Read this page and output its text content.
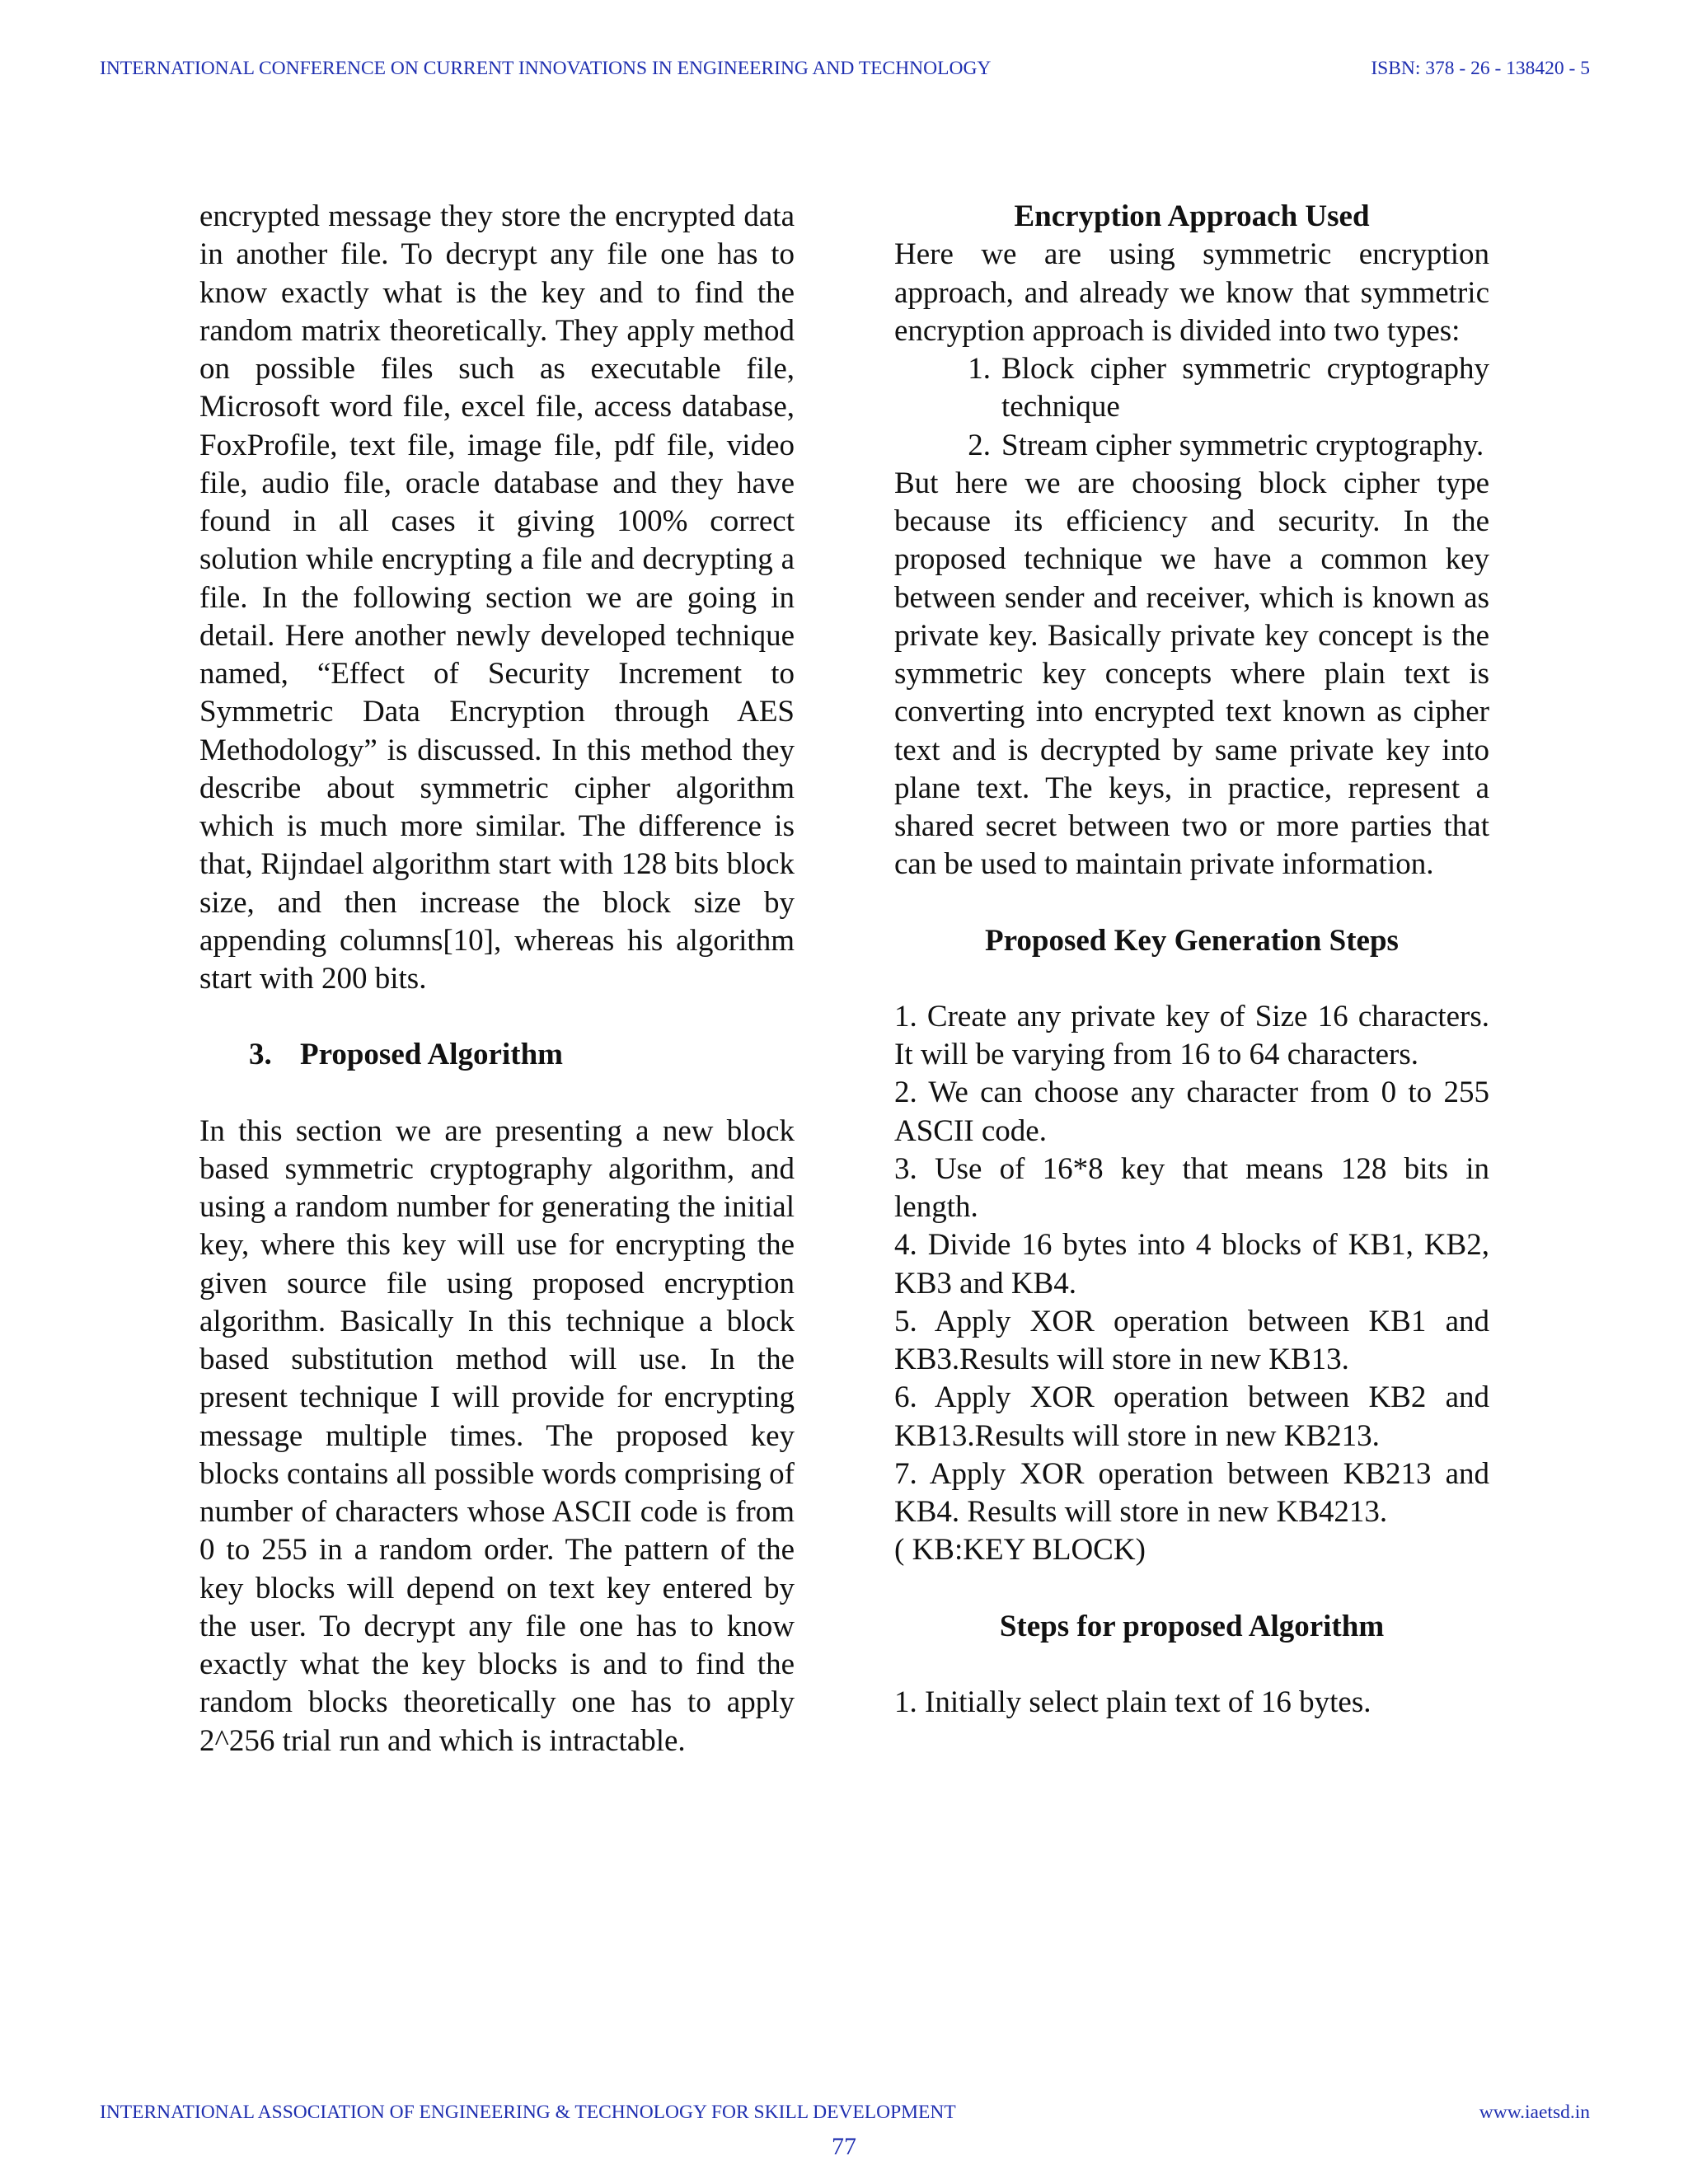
INTERNATIONAL CONFERENCE ON CURRENT INNOVATIONS IN ENGINEERING AND TECHNOLOGY	ISBN: 378 - 26 - 138420 - 5

encrypted message they store the encrypted data in another file. To decrypt any file one has to know exactly what is the key and to find the random matrix theoretically. They apply method on possible files such as executable file, Microsoft word file, excel file, access database, FoxProfile, text file, image file, pdf file, video file, audio file, oracle database and they have found in all cases it giving 100% correct solution while encrypting a file and decrypting a file. In the following section we are going in detail. Here another newly developed technique named, “Effect of Security Increment to Symmetric Data Encryption through AES Methodology” is discussed. In this method they describe about symmetric cipher algorithm which is much more similar. The difference is that, Rijndael algorithm start with 128 bits block size, and then increase the block size by appending columns[10], whereas his algorithm start with 200 bits.

3. Proposed Algorithm

In this section we are presenting a new block based symmetric cryptography algorithm, and using a random number for generating the initial key, where this key will use for encrypting the given source file using proposed encryption algorithm. Basically In this technique a block based substitution method will use. In the present technique I will provide for encrypting message multiple times. The proposed key blocks contains all possible words comprising of number of characters whose ASCII code is from 0 to 255 in a random order. The pattern of the key blocks will depend on text key entered by the user. To decrypt any file one has to know exactly what the key blocks is and to find the random blocks theoretically one has to apply 2^256 trial run and which is intractable.

Encryption Approach Used

Here we are using symmetric encryption approach, and already we know that symmetric encryption approach is divided into two types:

1. Block cipher symmetric cryptography technique
2. Stream cipher symmetric cryptography.

But here we are choosing block cipher type because its efficiency and security. In the proposed technique we have a common key between sender and receiver, which is known as private key. Basically private key concept is the symmetric key concepts where plain text is converting into encrypted text known as cipher text and is decrypted by same private key into plane text. The keys, in practice, represent a shared secret between two or more parties that can be used to maintain private information.

Proposed Key Generation Steps

1. Create any private key of Size 16 characters. It will be varying from 16 to 64 characters.

2. We can choose any character from 0 to 255 ASCII code.

3. Use of 16*8 key that means 128 bits in length.

4. Divide 16 bytes into 4 blocks of KB1, KB2, KB3 and KB4.

5. Apply XOR operation between KB1 and KB3.Results will store in new KB13.

6. Apply XOR operation between KB2 and KB13.Results will store in new KB213.

7. Apply XOR operation between KB213 and KB4. Results will store in new KB4213.

( KB:KEY BLOCK)

Steps for proposed Algorithm

1. Initially select plain text of 16 bytes.

INTERNATIONAL ASSOCIATION OF ENGINEERING & TECHNOLOGY FOR SKILL DEVELOPMENT	www.iaetsd.in
77
